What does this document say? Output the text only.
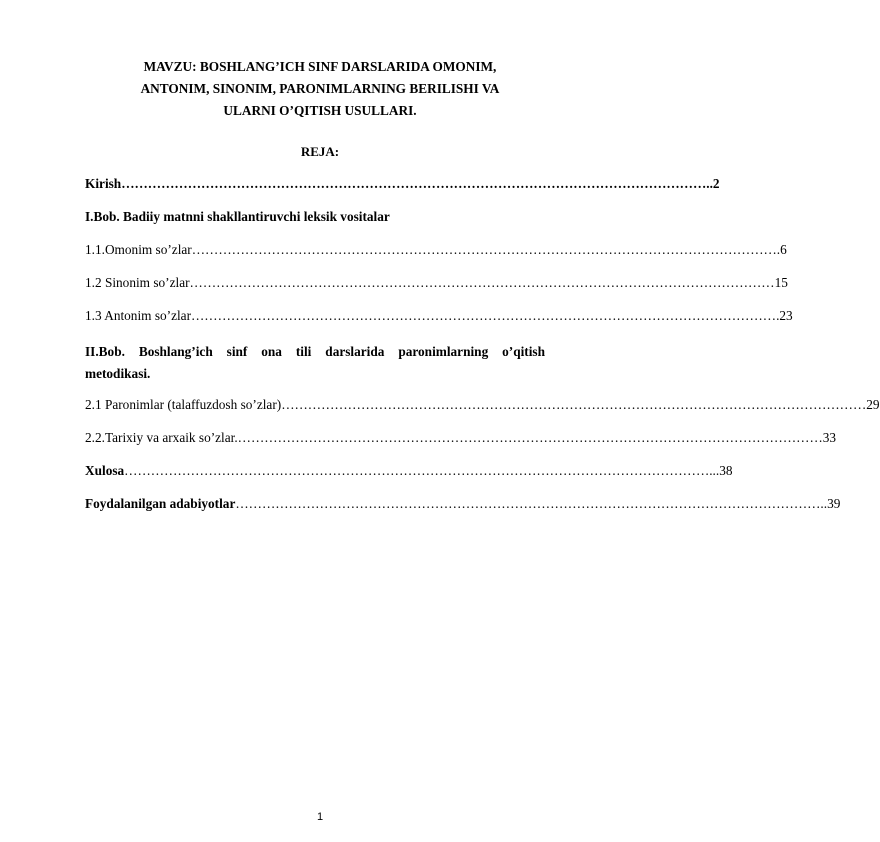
MAVZU: BOSHLANG’ICH SINF DARSLARIDA OMONIM,
ANTONIM, SINONIM, PARONIMLARNING BERILISHI VA
ULARNI O’QITISH USULLARI.
REJA:
Kirish …………………………………………………………………………………………………………………… ..2
I.Bob. Badiiy matnni shakllantiruvchi leksik vositalar
1.1.Omonim so’zlar …………………………………………………………………………………………………………………… .6
1.2 Sinonim so’zlar …………………………………………………………………………………………………………………… 15
1.3 Antonim so’zlar …………………………………………………………………………………………………………………… .23
II.Bob. Boshlang’ich sinf ona tili darslarida paronimlarning o’qitish
metodikasi.
2.1 Paronimlar (talaffuzdosh so’zlar) …………………………………………………………………………………………………………………… 29
2.2.Tarixiy va arxaik so’zlar. …………………………………………………………………………………………………………………… 33
Xulosa …………………………………………………………………………………………………………………… ...38
Foydalanilgan adabiyotlar …………………………………………………………………………………………………………………… ..39
1
